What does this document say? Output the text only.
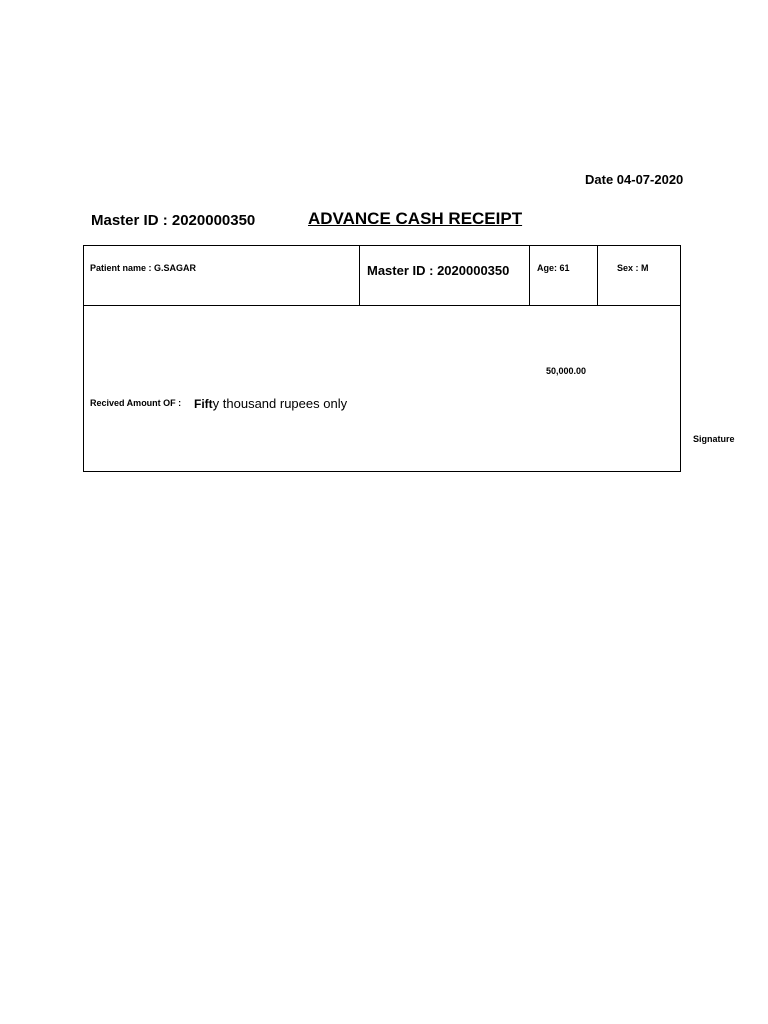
Date 04-07-2020
Master ID : 2020000350	ADVANCE CASH RECEIPT
Patient name : G.SAGAR	Master ID : 2020000350	Age: 61	Sex : M
50,000.00
Recived Amount OF : Fifty thousand rupees only
Signature
